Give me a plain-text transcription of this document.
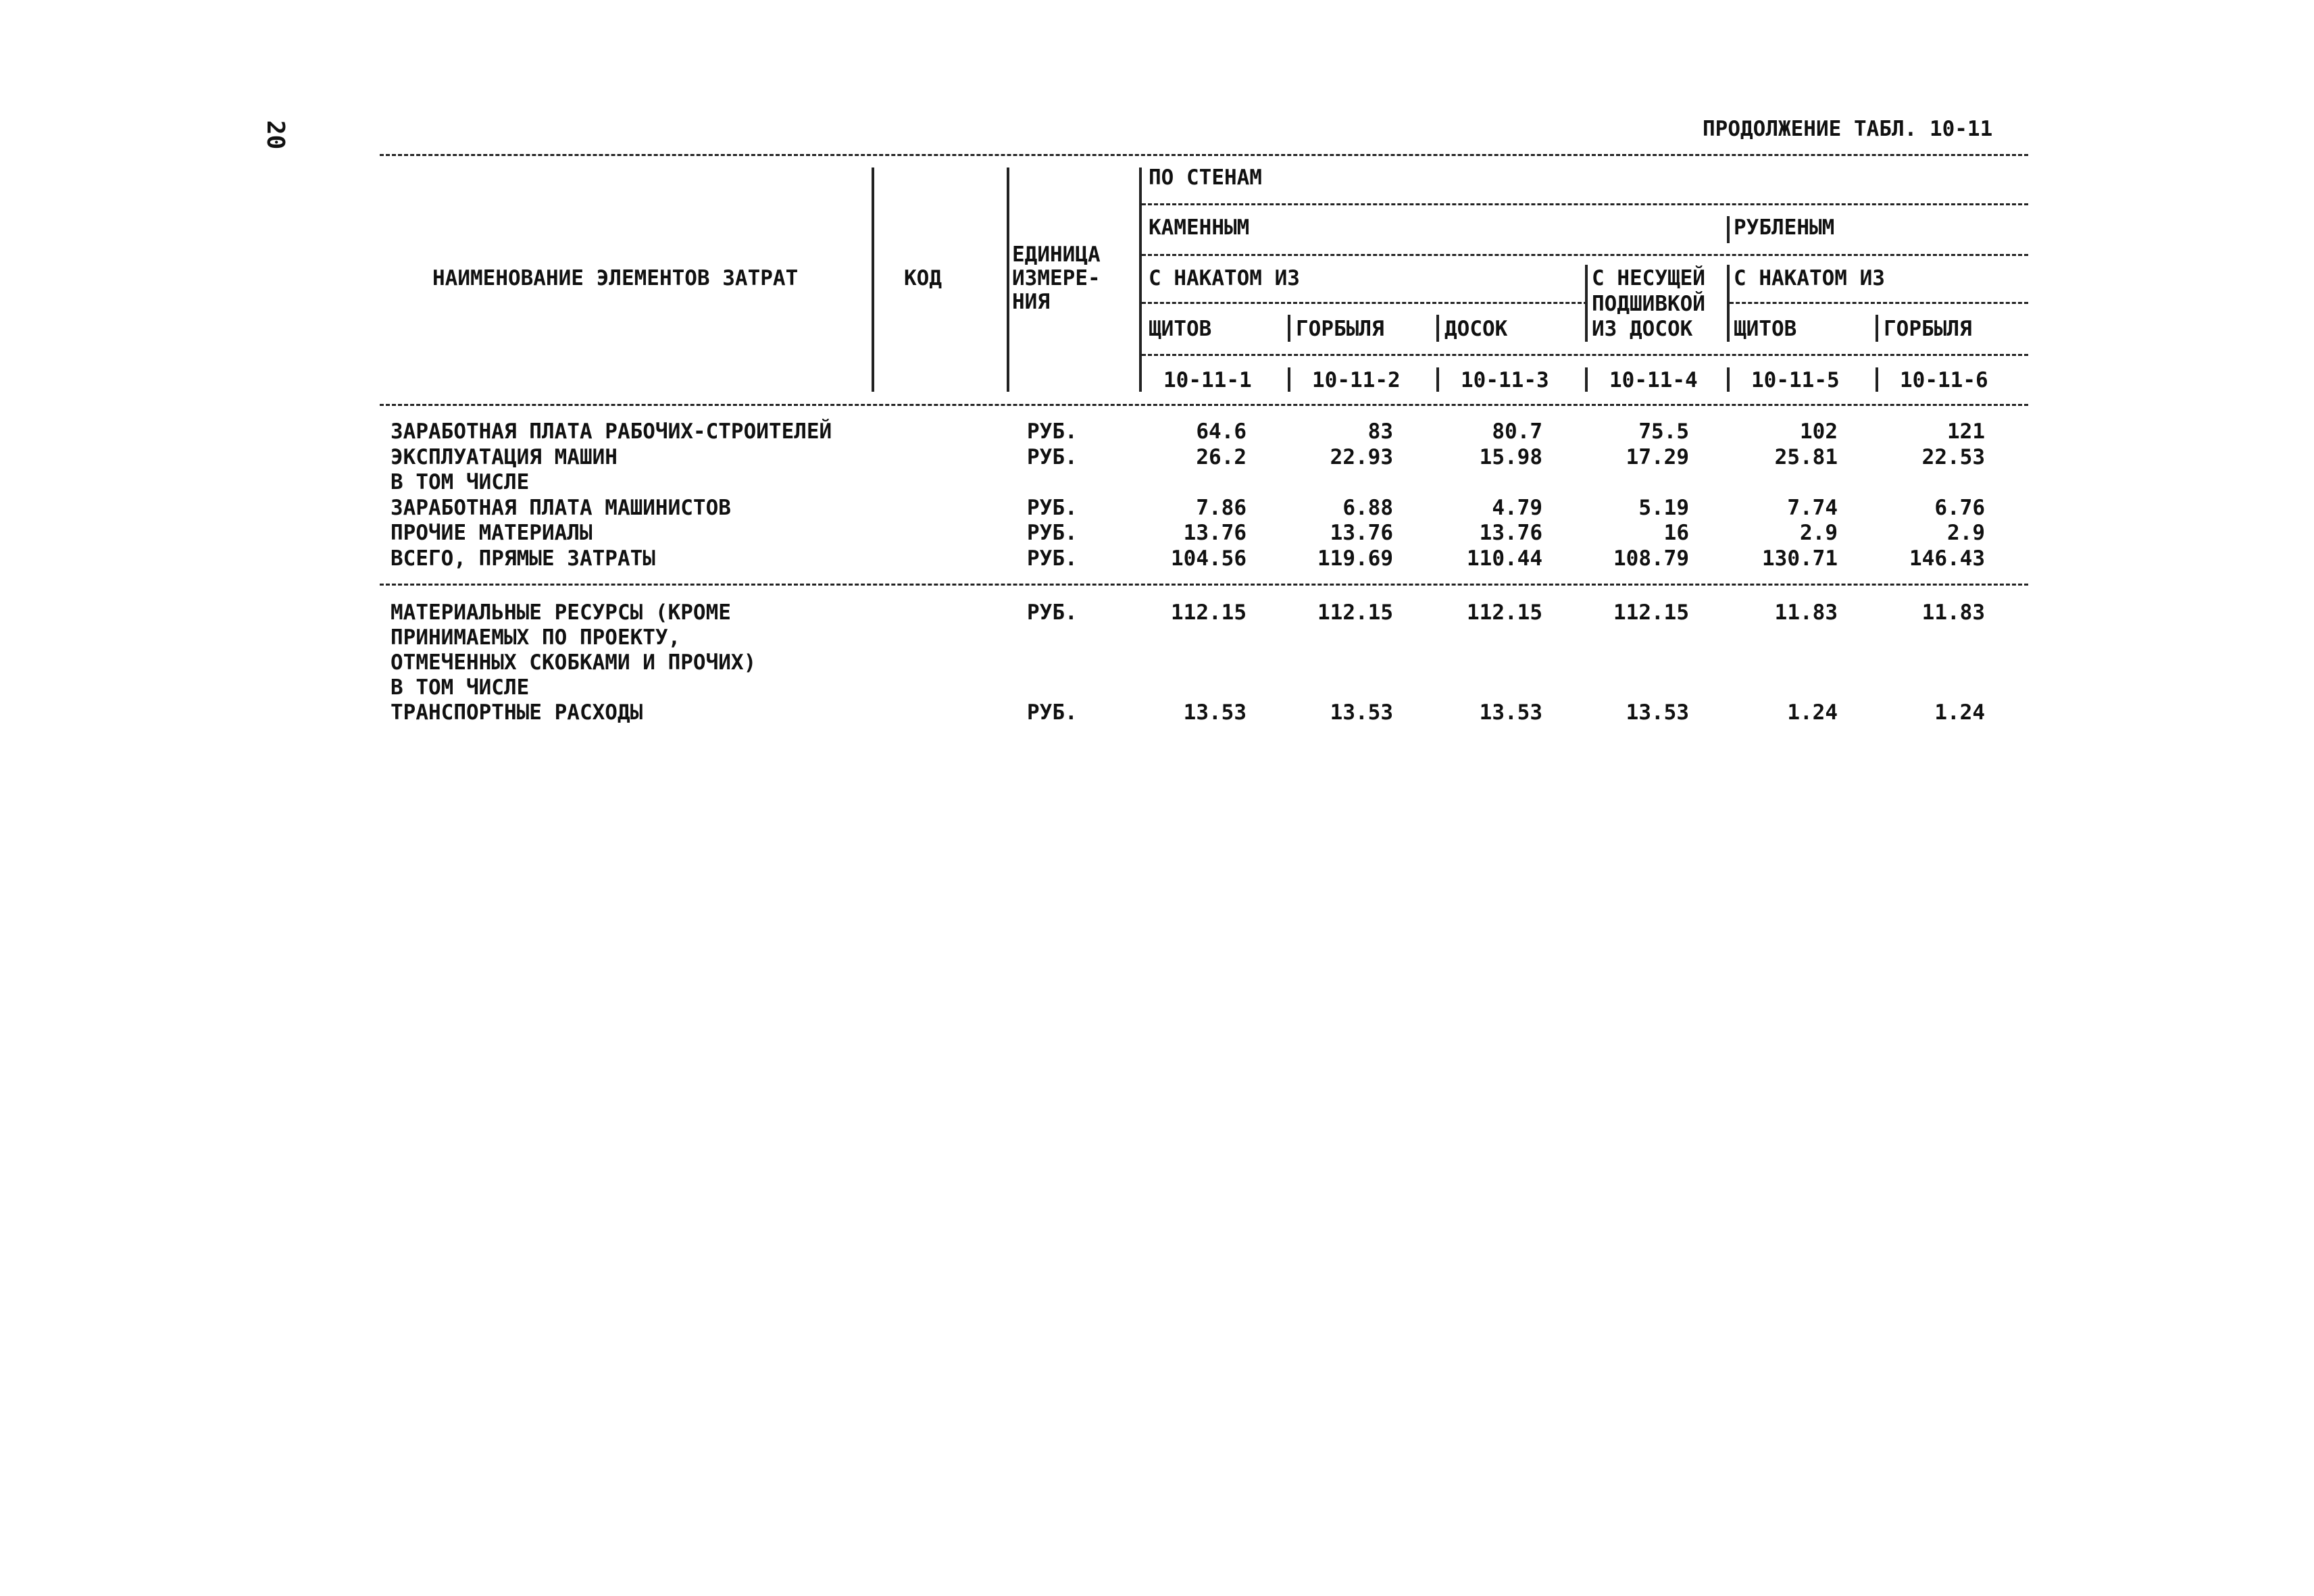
20	ПРОДОЛЖЕНИЕ ТАБЛ. 10-11
НАИМЕНОВАНИЕ ЭЛЕМЕНТОВ ЗАТРАТ	КОД
ЕДИНИЦА
ИЗМЕРЕ-
НИЯ
ПО СТЕНАМ
КАМЕННЫМ	РУБЛЕНЫМ
С НАКАТОМ ИЗ	С НЕСУЩЕЙ
ПОДШИВКОЙ
ИЗ ДОСОК
С НАКАТОМ ИЗ
ЩИТОВ	ГОРБЫЛЯ	ДОСОК	ЩИТОВ	ГОРБЫЛЯ
10-11-1	10-11-2	10-11-3	10-11-4	10-11-5	10-11-6
ЗАРАБОТНАЯ ПЛАТА РАБОЧИХ-СТРОИТЕЛЕЙ	РУБ.	64.6	83	80.7	75.5	102	121
ЭКСПЛУАТАЦИЯ МАШИН	РУБ.	26.2	22.93	15.98	17.29	25.81	22.53
В ТОМ ЧИСЛЕ
ЗАРАБОТНАЯ ПЛАТА МАШИНИСТОВ	РУБ.	7.86	6.88	4.79	5.19	7.74	6.76
ПРОЧИЕ МАТЕРИАЛЫ	РУБ.	13.76	13.76	13.76	16	2.9	2.9
ВСЕГО, ПРЯМЫЕ ЗАТРАТЫ	РУБ.	104.56	119.69	110.44	108.79	130.71	146.43
МАТЕРИАЛЬНЫЕ РЕСУРСЫ (КРОМЕ	РУБ.	112.15	112.15	112.15	112.15	11.83	11.83
ПРИНИМАЕМЫХ ПО ПРОЕКТУ,
ОТМЕЧЕННЫХ СКОБКАМИ И ПРОЧИХ)
В ТОМ ЧИСЛЕ
ТРАНСПОРТНЫЕ РАСХОДЫ	РУБ.	13.53	13.53	13.53	13.53	1.24	1.24
